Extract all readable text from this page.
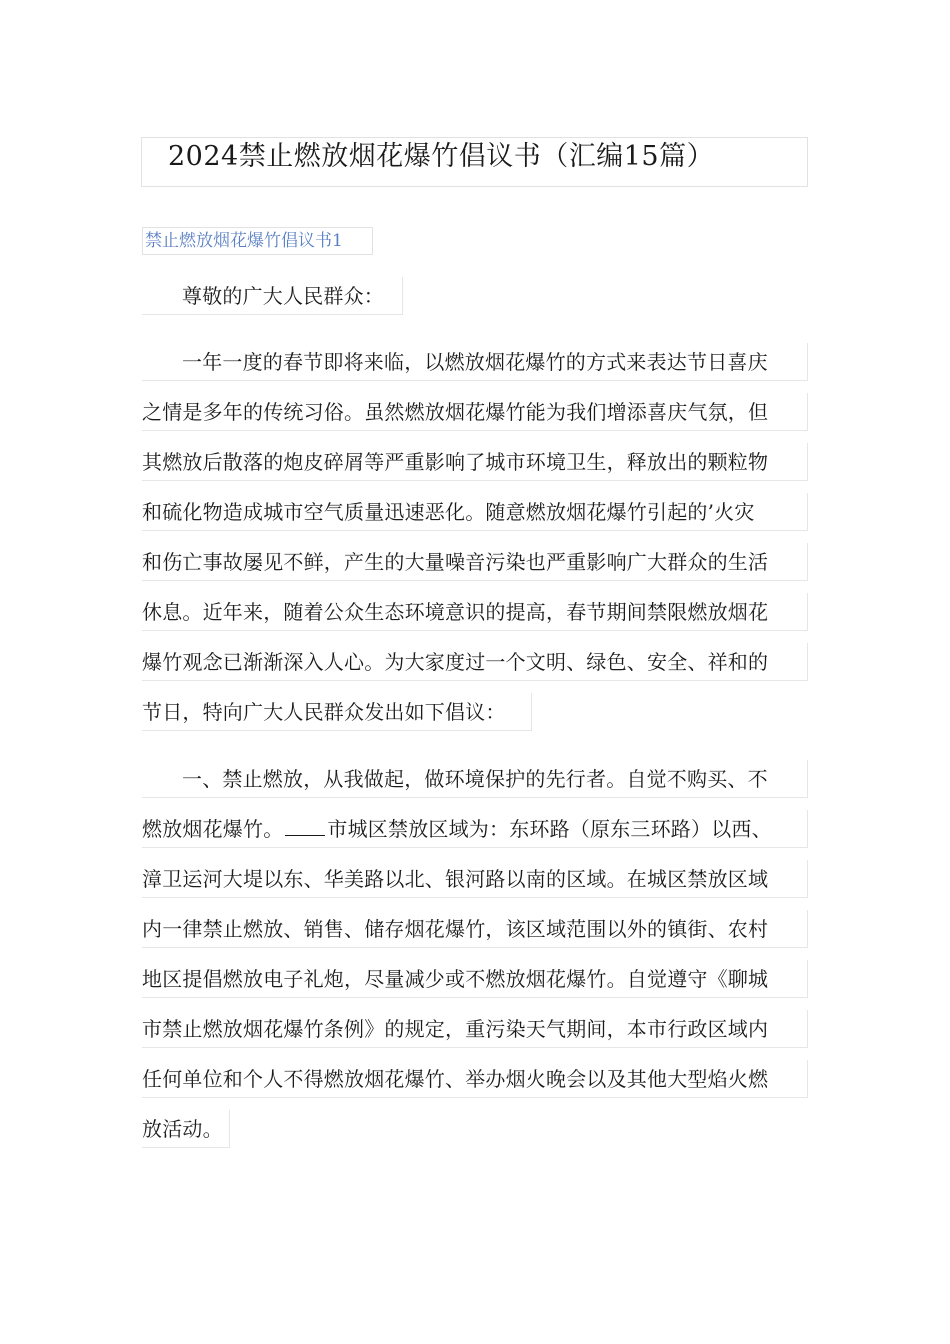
2024禁止燃放烟花爆竹倡议书（汇编15篇）
禁止燃放烟花爆竹倡议书1
尊敬的广大人民群众：
一年一度的春节即将来临，以燃放烟花爆竹的方式来表达节日喜庆
之情是多年的传统习俗。虽然燃放烟花爆竹能为我们增添喜庆气氛，但
其燃放后散落的炮皮碎屑等严重影响了城市环境卫生，释放出的颗粒物
和硫化物造成城市空气质量迅速恶化。随意燃放烟花爆竹引起的’火灾
和伤亡事故屡见不鲜，产生的大量噪音污染也严重影响广大群众的生活
休息。近年来，随着公众生态环境意识的提高，春节期间禁限燃放烟花
爆竹观念已渐渐深入人心。为大家度过一个文明、绿色、安全、祥和的
节日，特向广大人民群众发出如下倡议：
一、禁止燃放，从我做起，做环境保护的先行者。自觉不购买、不
燃放烟花爆竹。 市城区禁放区域为：东环路（原东三环路）以西、
漳卫运河大堤以东、华美路以北、银河路以南的区域。在城区禁放区域
内一律禁止燃放、销售、储存烟花爆竹，该区域范围以外的镇街、农村
地区提倡燃放电子礼炮，尽量减少或不燃放烟花爆竹。自觉遵守《聊城
市禁止燃放烟花爆竹条例》的规定，重污染天气期间，本市行政区域内
任何单位和个人不得燃放烟花爆竹、举办烟火晚会以及其他大型焰火燃
放活动。
